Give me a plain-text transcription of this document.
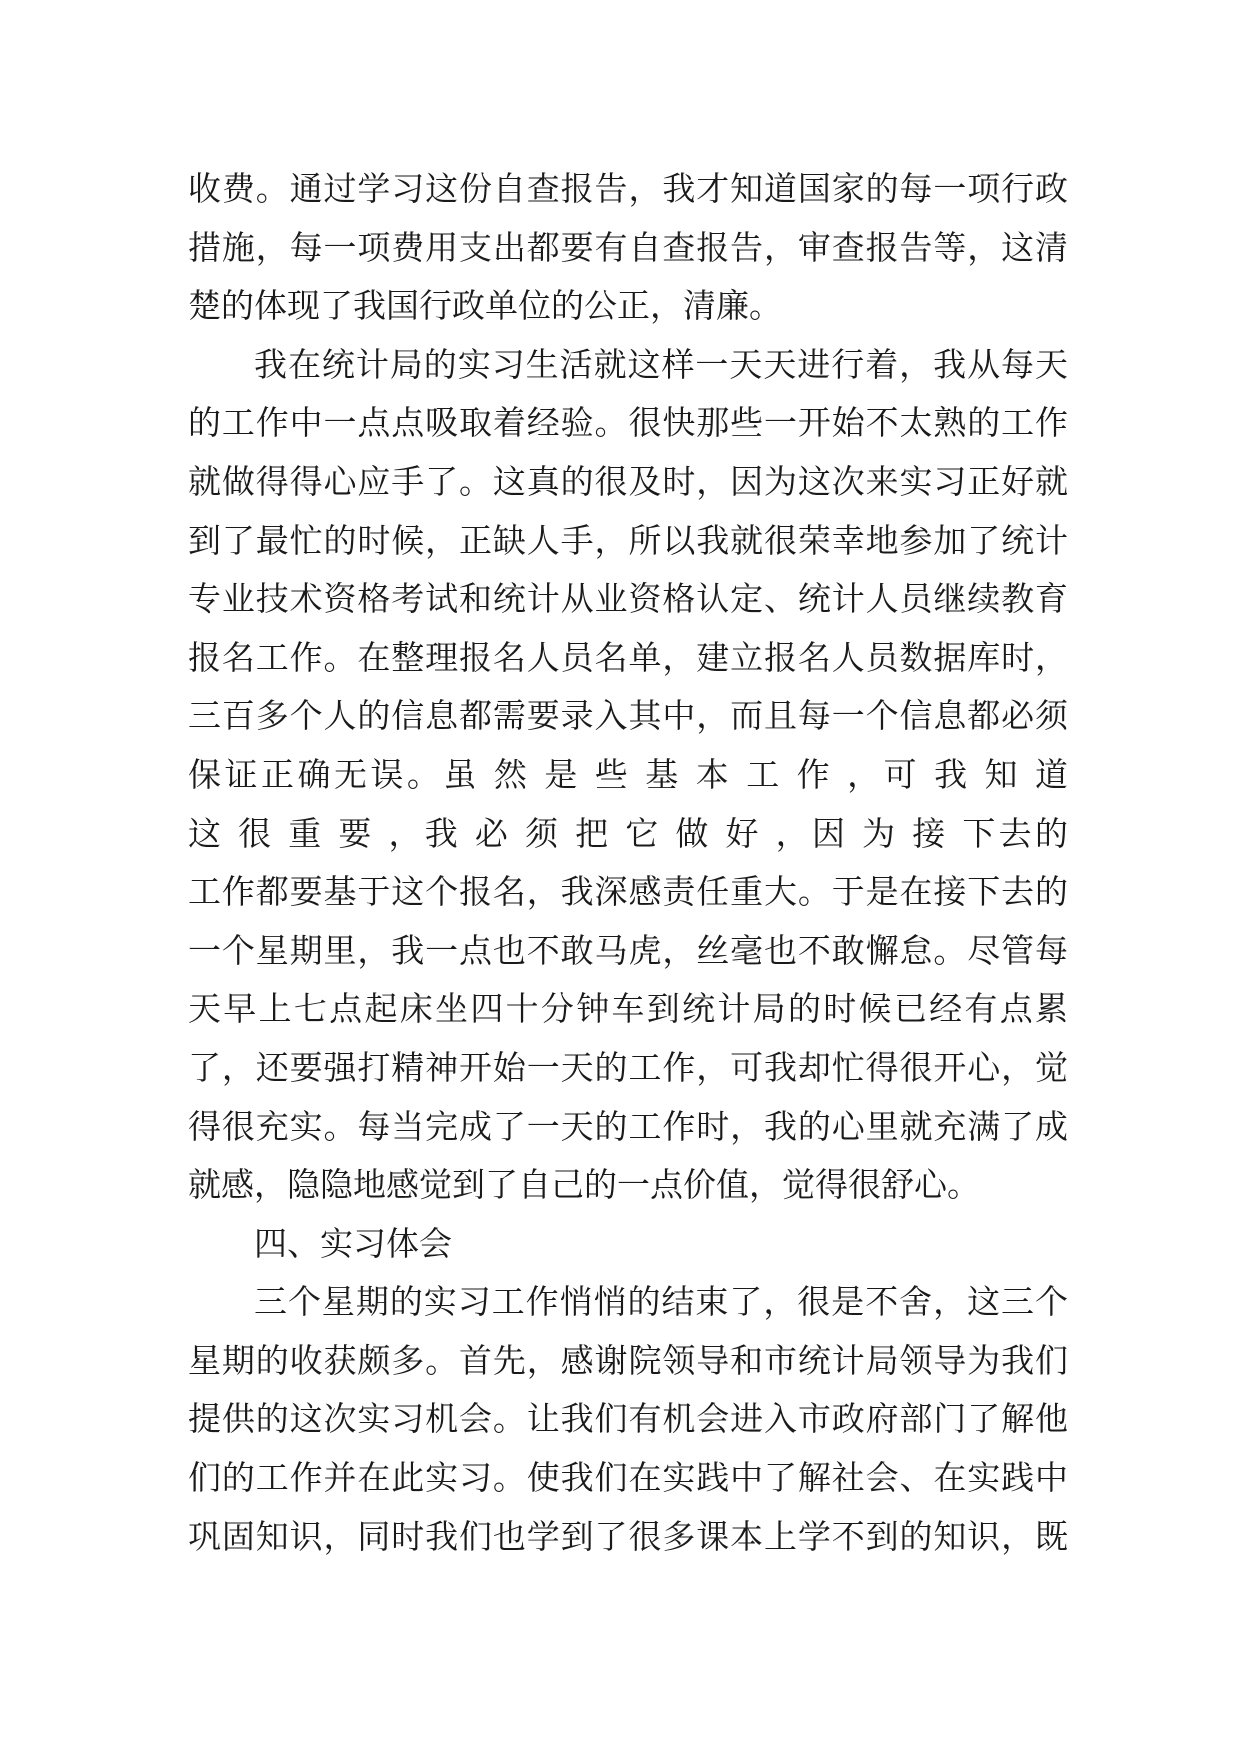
收费。通过学习这份自查报告，我才知道国家的每一项行政
措施，每一项费用支出都要有自查报告，审查报告等，这清
楚的体现了我国行政单位的公正，清廉。
我在统计局的实习生活就这样一天天进行着，我从每天
的工作中一点点吸取着经验。很快那些一开始不太熟的工作
就做得得心应手了。这真的很及时，因为这次来实习正好就
到了最忙的时候，正缺人手，所以我就很荣幸地参加了统计
专业技术资格考试和统计从业资格认定、统计人员继续教育
报名工作。在整理报名人员名单，建立报名人员数据库时，
三百多个人的信息都需要录入其中，而且每一个信息都必须
保证正确无误。虽 然 是 些 基 本 工 作 ，可 我 知 道
这 很 重 要 ，我 必 须 把 它 做 好 ，因 为 接 下去的
工作都要基于这个报名，我深感责任重大。于是在接下去的
一个星期里，我一点也不敢马虎，丝毫也不敢懈怠。尽管每
天早上七点起床坐四十分钟车到统计局的时候已经有点累
了，还要强打精神开始一天的工作，可我却忙得很开心，觉
得很充实。每当完成了一天的工作时，我的心里就充满了成
就感，隐隐地感觉到了自己的一点价值，觉得很舒心。
四、实习体会
三个星期的实习工作悄悄的结束了，很是不舍，这三个
星期的收获颇多。首先，感谢院领导和市统计局领导为我们
提供的这次实习机会。让我们有机会进入市政府部门了解他
们的工作并在此实习。使我们在实践中了解社会、在实践中
巩固知识，同时我们也学到了很多课本上学不到的知识，既
